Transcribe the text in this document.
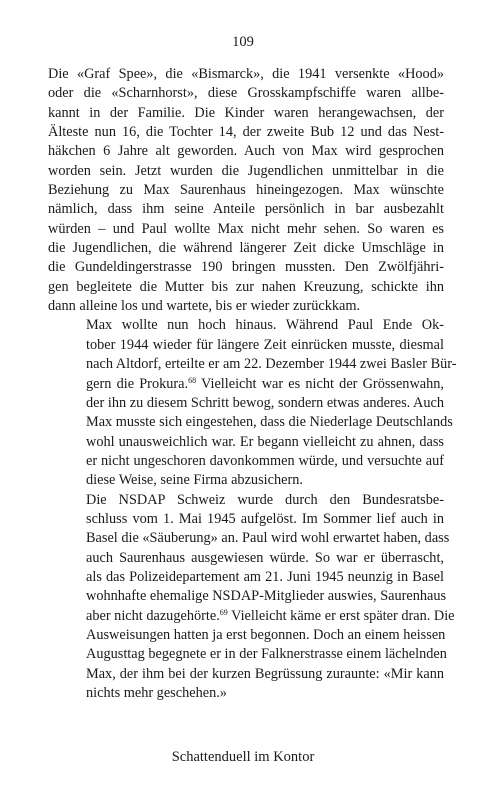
109

Die «Graf Spee», die «Bismarck», die 1941 versenkte «Hood»
oder die «Scharnhorst», diese Grosskampfschiffe waren allbe-
kannt in der Familie. Die Kinder waren herangewachsen, der
Älteste nun 16, die Tochter 14, der zweite Bub 12 und das Nest-
häkchen 6 Jahre alt geworden. Auch von Max wird gesprochen
worden sein. Jetzt wurden die Jugendlichen unmittelbar in die
Beziehung zu Max Saurenhaus hineingezogen. Max wünschte
nämlich, dass ihm seine Anteile persönlich in bar ausbezahlt
würden – und Paul wollte Max nicht mehr sehen. So waren es
die Jugendlichen, die während längerer Zeit dicke Umschläge in
die Gundeldingerstrasse 190 bringen mussten. Den Zwölfjähri-
gen begleitete die Mutter bis zur nahen Kreuzung, schickte ihn
dann alleine los und wartete, bis er wieder zurückkam.

Max wollte nun hoch hinaus. Während Paul Ende Ok-
tober 1944 wieder für längere Zeit einrücken musste, diesmal
nach Altdorf, erteilte er am 22. Dezember 1944 zwei Basler Bür-
gern die Prokura.$^{68}$ Vielleicht war es nicht der Grössenwahn,
der ihn zu diesem Schritt bewog, sondern etwas anderes. Auch
Max musste sich eingestehen, dass die Niederlage Deutschlands
wohl unausweichlich war. Er begann vielleicht zu ahnen, dass
er nicht ungeschoren davonkommen würde, und versuchte auf
diese Weise, seine Firma abzusichern.

Die NSDAP Schweiz wurde durch den Bundesratsbe-
schluss vom 1. Mai 1945 aufgelöst. Im Sommer lief auch in
Basel die «Säuberung» an. Paul wird wohl erwartet haben, dass
auch Saurenhaus ausgewiesen würde. So war er überrascht,
als das Polizeidepartement am 21. Juni 1945 neunzig in Basel
wohnhafte ehemalige NSDAP-Mitglieder auswies, Saurenhaus
aber nicht dazugehörte.$^{69}$ Vielleicht käme er erst später dran. Die
Ausweisungen hatten ja erst begonnen. Doch an einem heissen
Augusttag begegnete er in der Falknerstrasse einem lächelnden
Max, der ihm bei der kurzen Begrüssung zuraunte: «Mir kann
nichts mehr geschehen.»

Schattenduell im Kontor
